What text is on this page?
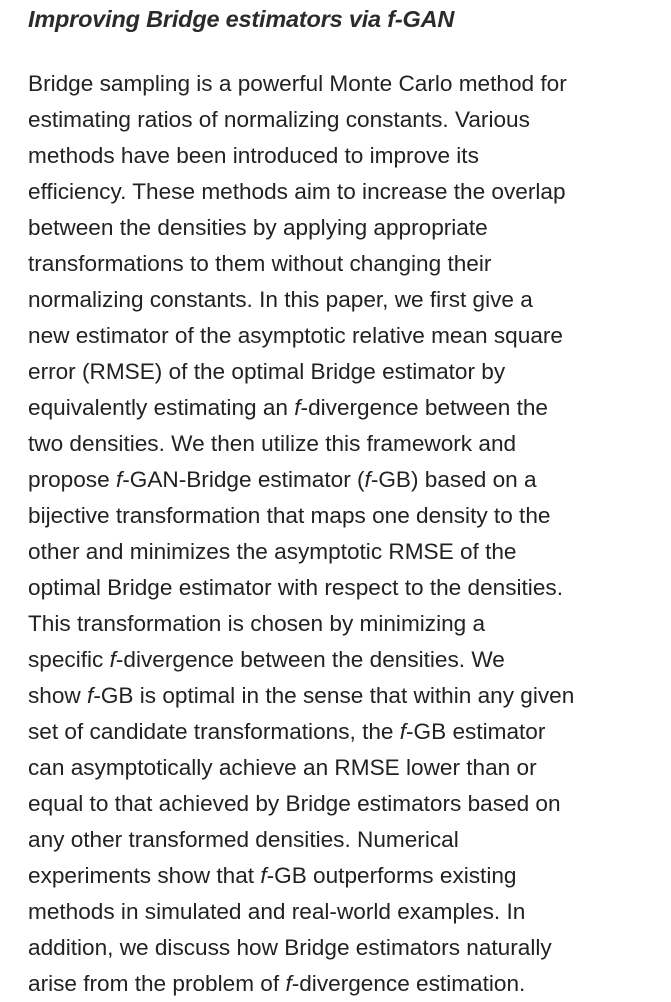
Improving Bridge estimators via f-GAN
Bridge sampling is a powerful Monte Carlo method for
estimating ratios of normalizing constants. Various
methods have been introduced to improve its
efficiency. These methods aim to increase the overlap
between the densities by applying appropriate
transformations to them without changing their
normalizing constants. In this paper, we first give a
new estimator of the asymptotic relative mean square
error (RMSE) of the optimal Bridge estimator by
equivalently estimating an f-divergence between the
two densities. We then utilize this framework and
propose f-GAN-Bridge estimator (f-GB) based on a
bijective transformation that maps one density to the
other and minimizes the asymptotic RMSE of the
optimal Bridge estimator with respect to the densities.
This transformation is chosen by minimizing a
specific f-divergence between the densities. We
show f-GB is optimal in the sense that within any given
set of candidate transformations, the f-GB estimator
can asymptotically achieve an RMSE lower than or
equal to that achieved by Bridge estimators based on
any other transformed densities. Numerical
experiments show that f-GB outperforms existing
methods in simulated and real-world examples. In
addition, we discuss how Bridge estimators naturally
arise from the problem of f-divergence estimation.
